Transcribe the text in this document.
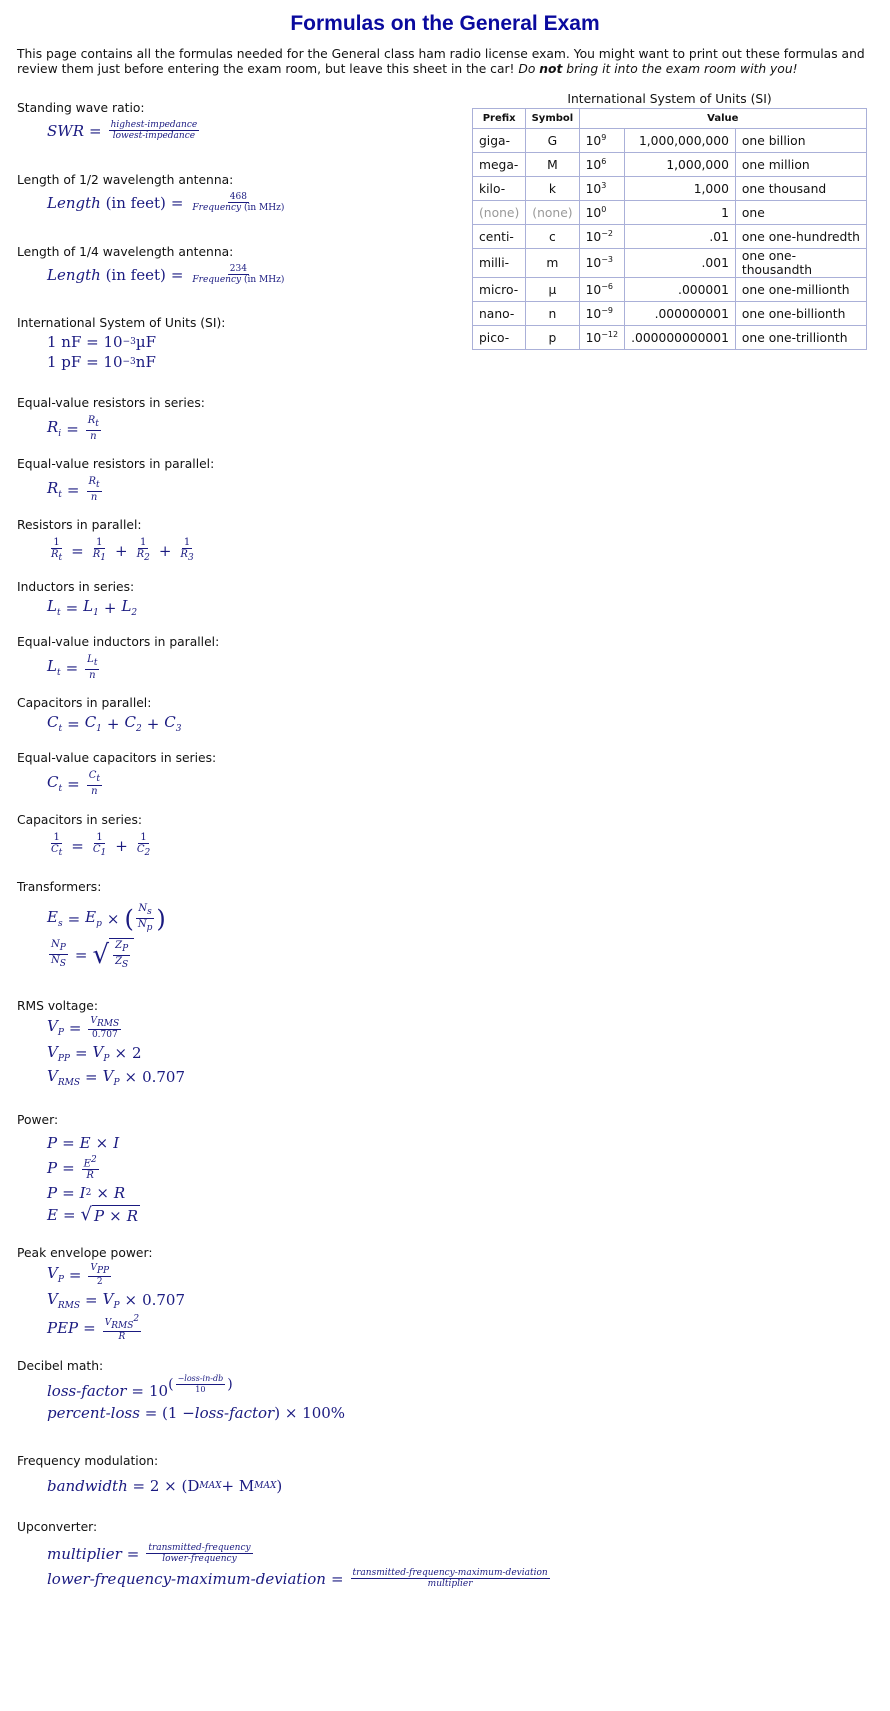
Formulas on the General Exam
This page contains all the formulas needed for the General class ham radio license exam. You might want to print out these formulas and review them just before entering the exam room, but leave this sheet in the car! Do not bring it into the exam room with you!
International System of Units (SI)
Prefix	Symbol	Value		
giga-	G	$10^9$	1,000,000,000	one billion
mega-	M	$10^6$	1,000,000	one million
kilo-	k	$10^3$	1,000	one thousand
(none)	(none)	$10^0$	1	one
centi-	c	$10^{-2}$	.01	one one-hundredth
milli-	m	$10^{-3}$	.001	one one-thousandth
micro-	µ	$10^{-6}$	.000001	one one-millionth
nano-	n	$10^{-9}$	.000000001	one one-billionth
pico-	p	$10^{-12}$	.000000000001	one one-trillionth

Standing wave ratio:

SWR = $\frac{\text{highest-impedance}}{\text{lowest-impedance}}$

Length of 1/2 wavelength antenna:

Length
(in feet) = $\frac{468}{\text{Frequency (in MHz)}}$

Length of 1/4 wavelength antenna:

Length
(in feet) = $\frac{234}{\text{Frequency (in MHz)}}$

International System of Units (SI):

1 nF = 10 −3 µF
1 pF = 10 −3 nF

Equal-value resistors in series:

$R_i = \frac{R_t}{n}$

Equal-value resistors in parallel:

$R_t = \frac{R_t}{n}$

Resistors in parallel:

$\frac{1}{R_t} = \frac{1}{R_1} + \frac{1}{R_2} + \frac{1}{R_3}$

Inductors in series:

$L_t = L_1 + L_2$

Equal-value inductors in parallel:

$L_t = \frac{L_t}{n}$

Capacitors in parallel:

$C_t = C_1 + C_2 + C_3$

Equal-value capacitors in series:

$C_t = \frac{C_t}{n}$

Capacitors in series:

$\frac{1}{C_t} = \frac{1}{C_1} + \frac{1}{C_2}$

Transformers:

$E_s = E_p$ × ( $\frac{N_s}{N_p}$ )
$\frac{N_P}{N_S}$ = √ $\frac{Z_P}{Z_S}$

RMS voltage:

$V_P = \frac{V_{RMS}}{0.707}$
$V_{PP} = V_P \times 2$
$V_{RMS} = V_P \times 0.707$

Power:

P = E × I
$P = \frac{E^2}{R}$
P = I 2 × R
E = √ P × R

Peak envelope power:

$V_P = \frac{V_{PP}}{2}$
$V_{RMS} = V_P \times 0.707$
PEP = $\frac{V_{RMS}^2}{R}$

Decibel math:

loss-factor = 10 ( $\frac{\text{−loss-in-db}}{10}$ )
percent-loss
= (1 − loss-factor ) × 100%

Frequency modulation:

bandwidth
= 2 × (D MAX + M MAX )

Upconverter:

multiplier = $\frac{\text{transmitted-frequency}}{\text{lower-frequency}}$
lower-frequency-maximum-deviation = $\frac{\text{transmitted-frequency-maximum-deviation}}{\text{multiplier}}$
